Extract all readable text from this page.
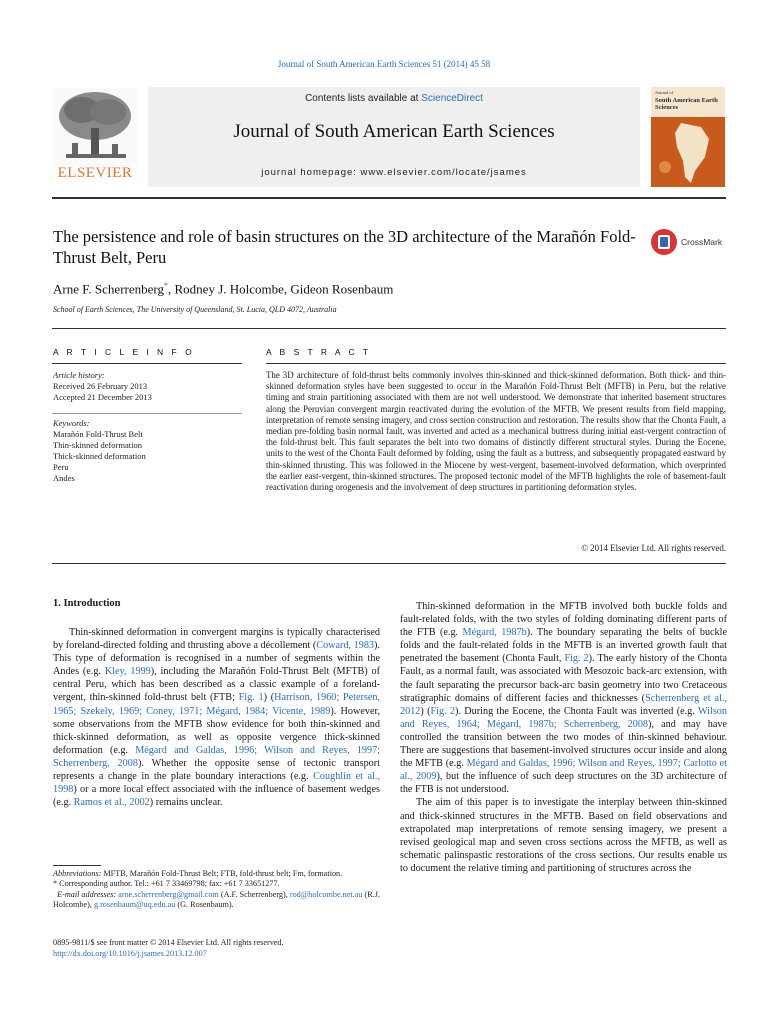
Journal of South American Earth Sciences 51 (2014) 45 58
ELSEVIER
Contents lists available at ScienceDirect
Journal of South American Earth Sciences
journal homepage: www.elsevier.com/locate/jsames
Journal of
South American Earth Sciences
The persistence and role of basin structures on the 3D architecture of the Marañón Fold-Thrust Belt, Peru
CrossMark
Arne F. Scherrenberg*, Rodney J. Holcombe, Gideon Rosenbaum
School of Earth Sciences, The University of Queensland, St. Lucia, QLD 4072, Australia
A R T I C L E I N F O
Article history:
Received 26 February 2013
Accepted 21 December 2013
Keywords:
Marañón Fold-Thrust Belt
Thin-skinned deformation
Thick-skinned deformation
Peru
Andes
A B S T R A C T
The 3D architecture of fold-thrust belts commonly involves thin-skinned and thick-skinned deformation. Both thick- and thin-skinned deformation styles have been suggested to occur in the Marañón Fold-Thrust Belt (MFTB) in Peru, but the relative timing and strain partitioning associated with them are not well understood. We demonstrate that inherited basement structures along the Peruvian convergent margin reactivated during the evolution of the MFTB. We present results from field mapping, interpretation of remote sensing imagery, and cross section construction and restoration. The results show that the Chonta Fault, a median pre-folding basin normal fault, was inverted and acted as a mechanical buttress during initial east-vergent contraction of the fold-thrust belt. This fault separates the belt into two domains of distinctly different structural styles. During the Eocene, units to the west of the Chonta Fault deformed by folding, using the fault as a buttress, and subsequently propagated eastward by thin-skinned thrusting. This was followed in the Miocene by west-vergent, basement-involved deformation, which overprinted the earlier east-vergent, thin-skinned structures. The proposed tectonic model of the MFTB highlights the role of basement-fault reactivation during orogenesis and the involvement of deep structures in partitioning deformation styles.
© 2014 Elsevier Ltd. All rights reserved.
1. Introduction

Thin-skinned deformation in convergent margins is typically characterised by foreland-directed folding and thrusting above a décollement (Coward, 1983). This type of deformation is recognised in a number of segments within the Andes (e.g. Kley, 1999), including the Marañón Fold-Thrust Belt (MFTB) of central Peru, which has been described as a classic example of a foreland-vergent, thin-skinned fold-thrust belt (FTB; Fig. 1) (Harrison, 1960; Petersen, 1965; Szekely, 1969; Coney, 1971; Mégard, 1984; Vicente, 1989). However, some observations from the MFTB show evidence for both thin-skinned and thick-skinned deformation, as well as opposite vergence thick-skinned deformation (e.g. Mégard and Galdas, 1996; Wilson and Reyes, 1997; Scherrenberg, 2008). Whether the opposite sense of tectonic transport represents a change in the plate boundary interactions (e.g. Coughlin et al., 1998) or a more local effect associated with the influence of basement wedges (e.g. Ramos et al., 2002) remains unclear.

Thin-skinned deformation in the MFTB involved both buckle folds and fault-related folds, with the two styles of folding dominating different parts of the FTB (e.g. Mégard, 1987b). The boundary separating the belts of buckle folds and the fault-related folds in the MFTB is an inverted growth fault that penetrated the basement (Chonta Fault, Fig. 2). The early history of the Chonta Fault, as a normal fault, was associated with Mesozoic back-arc extension, with the fault separating the precursor back-arc basin geometry into two Cretaceous stratigraphic domains of different facies and thicknesses (Scherrenberg et al., 2012) (Fig. 2). During the Eocene, the Chonta Fault was inverted (e.g. Wilson and Reyes, 1964; Mégard, 1987b; Scherrenberg, 2008), and may have controlled the transition between the two modes of thin-skinned behaviour. There are suggestions that basement-involved structures occur inside and along the MFTB (e.g. Mégard and Galdas, 1996; Wilson and Reyes, 1997; Carlotto et al., 2009), but the influence of such deep structures on the 3D architecture of the FTB is not understood.

The aim of this paper is to investigate the interplay between thin-skinned and thick-skinned structures in the MFTB. Based on field observations and extrapolated map interpretations of remote sensing imagery, we present a revised geological map and seven cross sections across the MFTB, as well as schematic palinspastic restorations of the cross sections. Our results enable us to document the relative timing and partitioning of structures across the

Abbreviations: MFTB, Marañón Fold-Thrust Belt; FTB, fold-thrust belt; Fm, formation.
* Corresponding author. Tel.: +61 7 33469798; fax: +61 7 33651277.
E-mail addresses: arne.scherrenberg@gmail.com (A.F. Scherrenberg), rod@holcombe.net.au (R.J. Holcombe), g.rosenbaum@uq.edu.au (G. Rosenbaum).
0895-9811/$ see front matter © 2014 Elsevier Ltd. All rights reserved.
http://dx.doi.org/10.1016/j.jsames.2013.12.007
